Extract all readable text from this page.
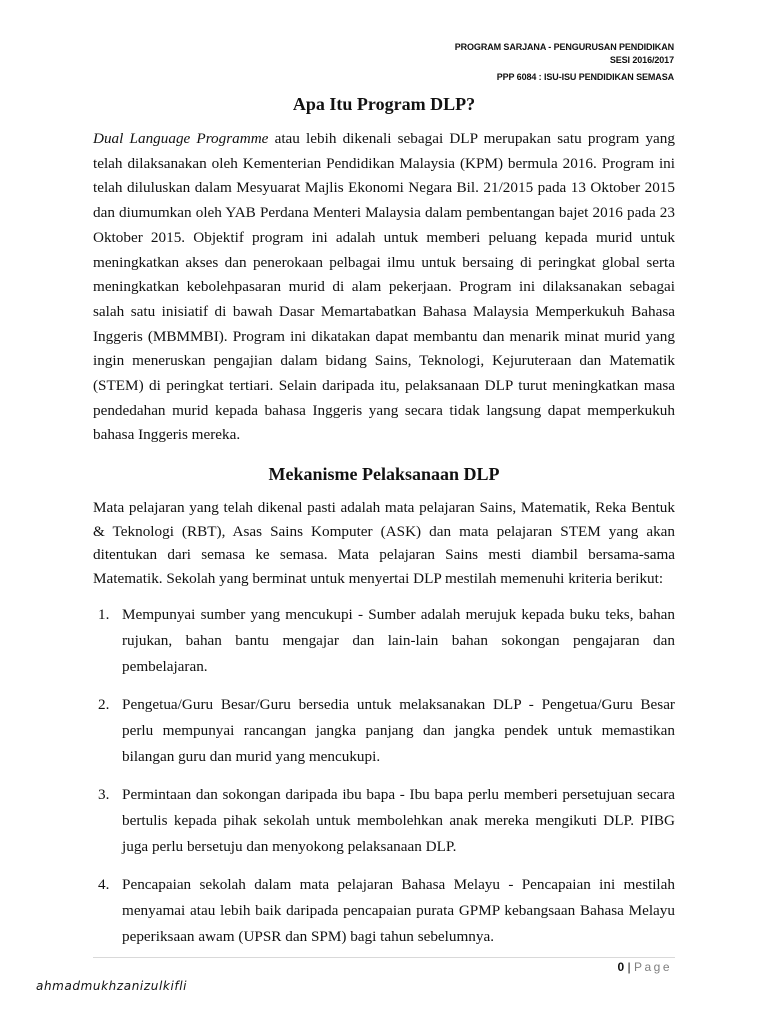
PROGRAM SARJANA - PENGURUSAN PENDIDIKAN
SESI 2016/2017
PPP 6084 : ISU-ISU PENDIDIKAN SEMASA
Apa Itu Program DLP?

Dual Language Programme atau lebih dikenali sebagai DLP merupakan satu program yang telah dilaksanakan oleh Kementerian Pendidikan Malaysia (KPM) bermula 2016. Program ini telah diluluskan dalam Mesyuarat Majlis Ekonomi Negara Bil. 21/2015 pada 13 Oktober 2015 dan diumumkan oleh YAB Perdana Menteri Malaysia dalam pembentangan bajet 2016 pada 23 Oktober 2015. Objektif program ini adalah untuk memberi peluang kepada murid untuk meningkatkan akses dan penerokaan pelbagai ilmu untuk bersaing di peringkat global serta meningkatkan kebolehpasaran murid di alam pekerjaan. Program ini dilaksanakan sebagai salah satu inisiatif di bawah Dasar Memartabatkan Bahasa Malaysia Memperkukuh Bahasa Inggeris (MBMMBI). Program ini dikatakan dapat membantu dan menarik minat murid yang ingin meneruskan pengajian dalam bidang Sains, Teknologi, Kejuruteraan dan Matematik (STEM) di peringkat tertiari. Selain daripada itu, pelaksanaan DLP turut meningkatkan masa pendedahan murid kepada bahasa Inggeris yang secara tidak langsung dapat memperkukuh bahasa Inggeris mereka.

Mekanisme Pelaksanaan DLP

Mata pelajaran yang telah dikenal pasti adalah mata pelajaran Sains, Matematik, Reka Bentuk & Teknologi (RBT), Asas Sains Komputer (ASK) dan mata pelajaran STEM yang akan ditentukan dari semasa ke semasa. Mata pelajaran Sains mesti diambil bersama-sama Matematik. Sekolah yang berminat untuk menyertai DLP mestilah memenuhi kriteria berikut:

1. Mempunyai sumber yang mencukupi - Sumber adalah merujuk kepada buku teks, bahan rujukan, bahan bantu mengajar dan lain-lain bahan sokongan pengajaran dan pembelajaran.
2. Pengetua/Guru Besar/Guru bersedia untuk melaksanakan DLP - Pengetua/Guru Besar perlu mempunyai rancangan jangka panjang dan jangka pendek untuk memastikan bilangan guru dan murid yang mencukupi.
3. Permintaan dan sokongan daripada ibu bapa - Ibu bapa perlu memberi persetujuan secara bertulis kepada pihak sekolah untuk membolehkan anak mereka mengikuti DLP. PIBG juga perlu bersetuju dan menyokong pelaksanaan DLP.
4. Pencapaian sekolah dalam mata pelajaran Bahasa Melayu - Pencapaian ini mestilah menyamai atau lebih baik daripada pencapaian purata GPMP kebangsaan Bahasa Melayu peperiksaan awam (UPSR dan SPM) bagi tahun sebelumnya.
0 | Page
ahmadmukhzanizulkifli
